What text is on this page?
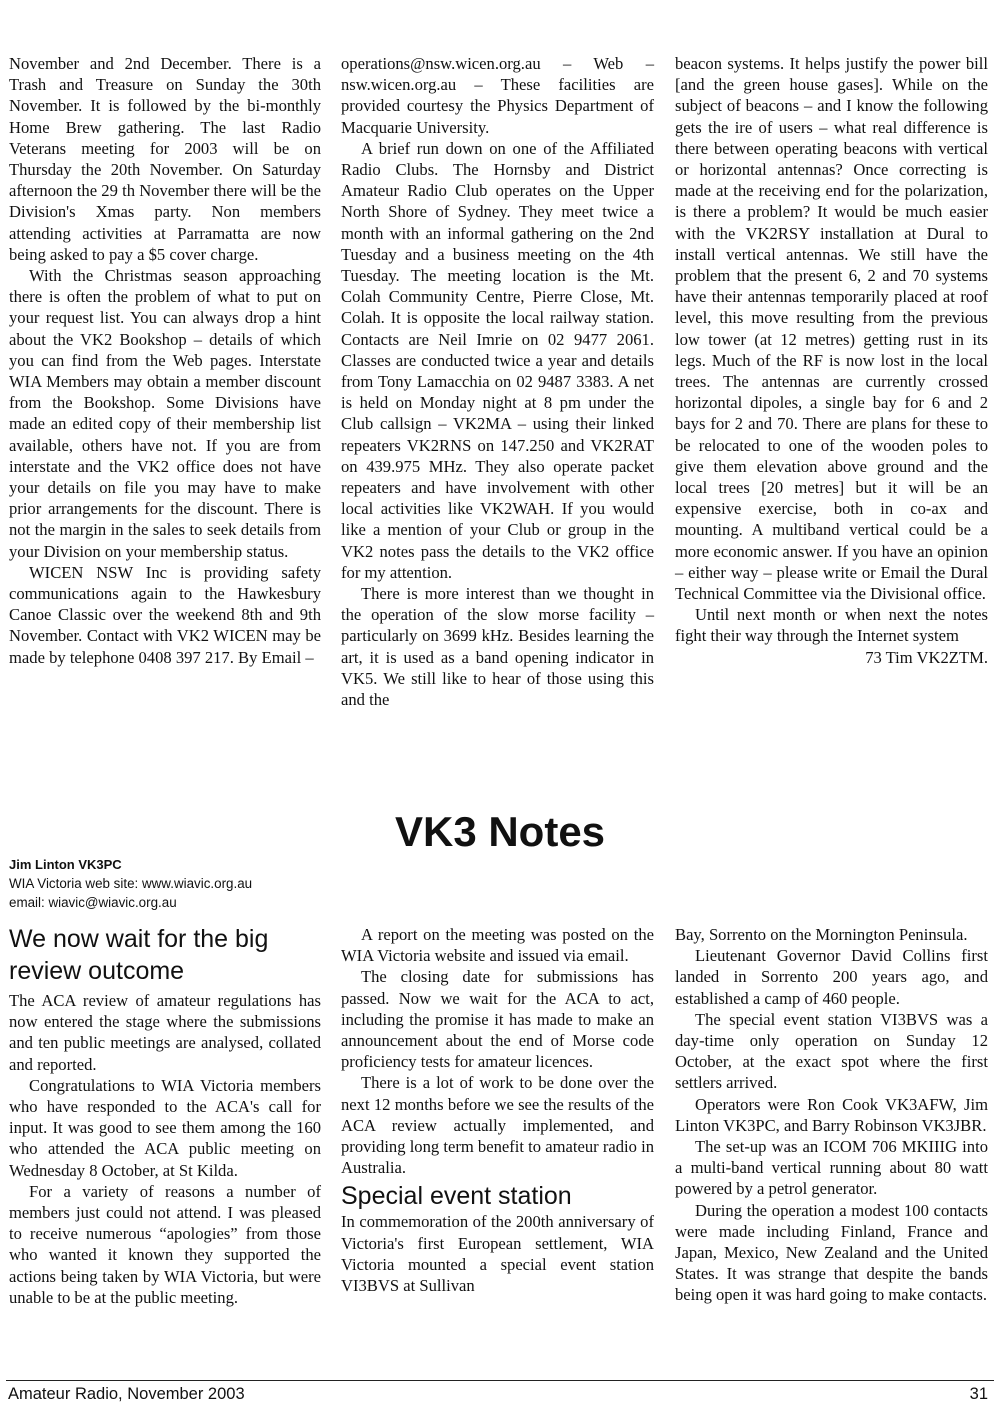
November and 2nd December. There is a Trash and Treasure on Sunday the 30th November. It is followed by the bi-monthly Home Brew gathering. The last Radio Veterans meeting for 2003 will be on Thursday the 20th November. On Saturday afternoon the 29 th November there will be the Division's Xmas party. Non members attending activities at Parramatta are now being asked to pay a $5 cover charge.

With the Christmas season approaching there is often the problem of what to put on your request list. You can always drop a hint about the VK2 Bookshop – details of which you can find from the Web pages. Interstate WIA Members may obtain a member discount from the Bookshop. Some Divisions have made an edited copy of their membership list available, others have not. If you are from interstate and the VK2 office does not have your details on file you may have to make prior arrangements for the discount. There is not the margin in the sales to seek details from your Division on your membership status.

WICEN NSW Inc is providing safety communications again to the Hawkesbury Canoe Classic over the weekend 8th and 9th November. Contact with VK2 WICEN may be made by telephone 0408 397 217. By Email –

operations@nsw.wicen.org.au – Web – nsw.wicen.org.au – These facilities are provided courtesy the Physics Department of Macquarie University.

A brief run down on one of the Affiliated Radio Clubs. The Hornsby and District Amateur Radio Club operates on the Upper North Shore of Sydney. They meet twice a month with an informal gathering on the 2nd Tuesday and a business meeting on the 4th Tuesday. The meeting location is the Mt. Colah Community Centre, Pierre Close, Mt. Colah. It is opposite the local railway station. Contacts are Neil Imrie on 02 9477 2061. Classes are conducted twice a year and details from Tony Lamacchia on 02 9487 3383. A net is held on Monday night at 8 pm under the Club callsign – VK2MA – using their linked repeaters VK2RNS on 147.250 and VK2RAT on 439.975 MHz. They also operate packet repeaters and have involvement with other local activities like VK2WAH. If you would like a mention of your Club or group in the VK2 notes pass the details to the VK2 office for my attention.

There is more interest than we thought in the operation of the slow morse facility – particularly on 3699 kHz. Besides learning the art, it is used as a band opening indicator in VK5. We still like to hear of those using this and the

beacon systems. It helps justify the power bill [and the green house gases]. While on the subject of beacons – and I know the following gets the ire of users – what real difference is there between operating beacons with vertical or horizontal antennas? Once correcting is made at the receiving end for the polarization, is there a problem? It would be much easier with the VK2RSY installation at Dural to install vertical antennas. We still have the problem that the present 6, 2 and 70 systems have their antennas temporarily placed at roof level, this move resulting from the previous low tower (at 12 metres) getting rust in its legs. Much of the RF is now lost in the local trees. The antennas are currently crossed horizontal dipoles, a single bay for 6 and 2 bays for 2 and 70. There are plans for these to be relocated to one of the wooden poles to give them elevation above ground and the local trees [20 metres] but it will be an expensive exercise, both in co-ax and mounting. A multiband vertical could be a more economic answer. If you have an opinion – either way – please write or Email the Dural Technical Committee via the Divisional office.

Until next month or when next the notes fight their way through the Internet system

73 Tim VK2ZTM.

VK3 Notes
Jim Linton VK3PC
WIA Victoria web site: www.wiavic.org.au
email: wiavic@wiavic.org.au
We now wait for the big review outcome

The ACA review of amateur regulations has now entered the stage where the submissions and ten public meetings are analysed, collated and reported.

Congratulations to WIA Victoria members who have responded to the ACA's call for input. It was good to see them among the 160 who attended the ACA public meeting on Wednesday 8 October, at St Kilda.

For a variety of reasons a number of members just could not attend. I was pleased to receive numerous “apologies” from those who wanted it known they supported the actions being taken by WIA Victoria, but were unable to be at the public meeting.

A report on the meeting was posted on the WIA Victoria website and issued via email.

The closing date for submissions has passed. Now we wait for the ACA to act, including the promise it has made to make an announcement about the end of Morse code proficiency tests for amateur licences.

There is a lot of work to be done over the next 12 months before we see the results of the ACA review actually implemented, and providing long term benefit to amateur radio in Australia.

Special event station

In commemoration of the 200th anniversary of Victoria's first European settlement, WIA Victoria mounted a special event station VI3BVS at Sullivan

Bay, Sorrento on the Mornington Peninsula.

Lieutenant Governor David Collins first landed in Sorrento 200 years ago, and established a camp of 460 people.

The special event station VI3BVS was a day-time only operation on Sunday 12 October, at the exact spot where the first settlers arrived.

Operators were Ron Cook VK3AFW, Jim Linton VK3PC, and Barry Robinson VK3JBR.

The set-up was an ICOM 706 MKIIIG into a multi-band vertical running about 80 watt powered by a petrol generator.

During the operation a modest 100 contacts were made including Finland, France and Japan, Mexico, New Zealand and the United States. It was strange that despite the bands being open it was hard going to make contacts.

Amateur Radio, November 2003	31
